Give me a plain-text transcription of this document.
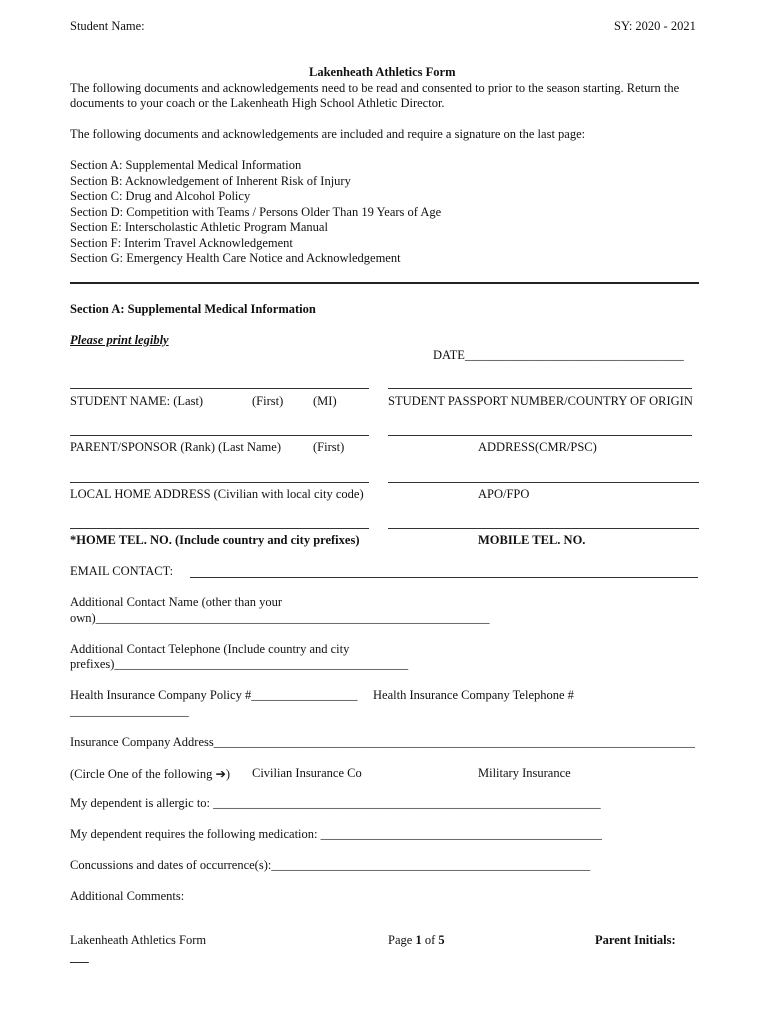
Student Name:	SY: 2020 - 2021
Lakenheath Athletics Form
The following documents and acknowledgements need to be read and consented to prior to the season starting. Return the
documents to your coach or the Lakenheath High School Athletic Director.
The following documents and acknowledgements are included and require a signature on the last page:
Section A: Supplemental Medical Information
Section B: Acknowledgement of Inherent Risk of Injury
Section C: Drug and Alcohol Policy
Section D: Competition with Teams / Persons Older Than 19 Years of Age
Section E: Interscholastic Athletic Program Manual
Section F: Interim Travel Acknowledgement
Section G: Emergency Health Care Notice and Acknowledgement
Section A: Supplemental Medical Information
Please print legibly
DATE___________________________________
STUDENT NAME: (Last)	(First) (MI)	STUDENT PASSPORT NUMBER/COUNTRY OF ORIGIN
PARENT/SPONSOR (Rank) (Last Name)	(First)	ADDRESS(CMR/PSC)
LOCAL HOME ADDRESS (Civilian with local city code)	APO/FPO
*HOME TEL. NO. (Include country and city prefixes)	MOBILE TEL. NO.
EMAIL CONTACT:
Additional Contact Name (other than your
own)_______________________________________________________________
Additional Contact Telephone (Include country and city
prefixes)_______________________________________________
Health Insurance Company Policy #_________________ Health Insurance Company Telephone #
___________________
Insurance Company Address_____________________________________________________________________________
(Circle One of the following ➔) Civilian Insurance Co	Military Insurance
My dependent is allergic to: ______________________________________________________________
My dependent requires the following medication: _____________________________________________
Concussions and dates of occurrence(s):___________________________________________________
Additional Comments:
Lakenheath Athletics Form	Page 1 of 5	Parent Initials:
___
